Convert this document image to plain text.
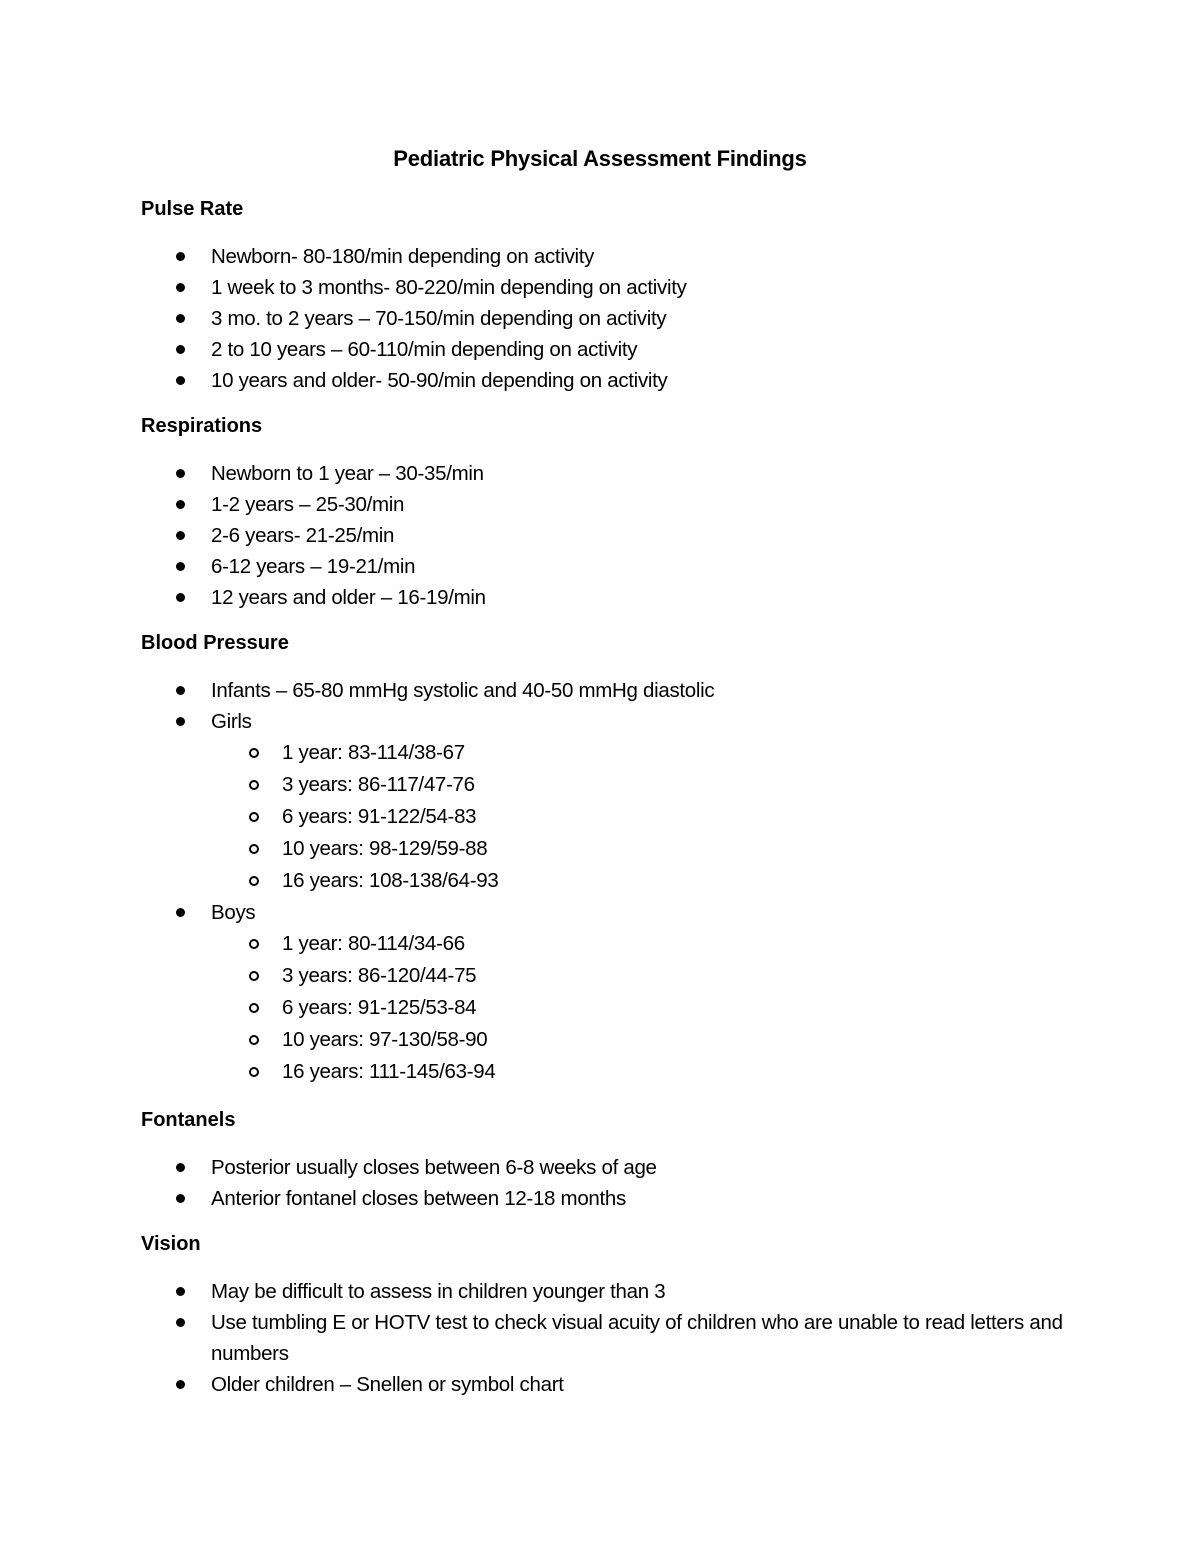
Pediatric Physical Assessment Findings
Pulse Rate
Newborn- 80-180/min depending on activity
1 week to 3 months- 80-220/min depending on activity
3 mo. to 2 years – 70-150/min depending on activity
2 to 10 years – 60-110/min depending on activity
10 years and older- 50-90/min depending on activity
Respirations
Newborn to 1 year – 30-35/min
1-2 years – 25-30/min
2-6 years- 21-25/min
6-12 years – 19-21/min
12 years and older – 16-19/min
Blood Pressure
Infants – 65-80 mmHg systolic and 40-50 mmHg diastolic
Girls
1 year: 83-114/38-67
3 years: 86-117/47-76
6 years: 91-122/54-83
10 years: 98-129/59-88
16 years: 108-138/64-93
Boys
1 year: 80-114/34-66
3 years: 86-120/44-75
6 years: 91-125/53-84
10 years: 97-130/58-90
16 years: 111-145/63-94
Fontanels
Posterior usually closes between 6-8 weeks of age
Anterior fontanel closes between 12-18 months
Vision
May be difficult to assess in children younger than 3
Use tumbling E or HOTV test to check visual acuity of children who are unable to read letters and numbers
Older children – Snellen or symbol chart
